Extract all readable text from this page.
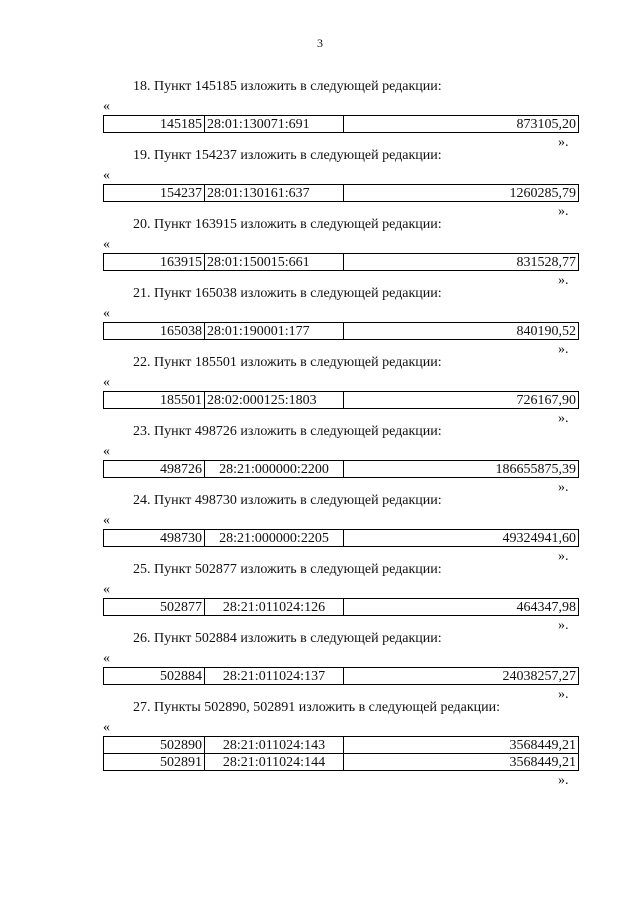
3
18. Пункт 145185 изложить в следующей редакции:
«
145185	28:01:130071:691	873105,20
».
19. Пункт 154237 изложить в следующей редакции:
«
154237	28:01:130161:637	1260285,79
».
20. Пункт 163915 изложить в следующей редакции:
«
163915	28:01:150015:661	831528,77
».
21. Пункт 165038 изложить в следующей редакции:
«
165038	28:01:190001:177	840190,52
».
22. Пункт 185501 изложить в следующей редакции:
«
185501	28:02:000125:1803	726167,90
».
23. Пункт 498726 изложить в следующей редакции:
«
498726	28:21:000000:2200	186655875,39
».
24. Пункт 498730 изложить в следующей редакции:
«
498730	28:21:000000:2205	49324941,60
».
25. Пункт 502877 изложить в следующей редакции:
«
502877	28:21:011024:126	464347,98
».
26. Пункт 502884 изложить в следующей редакции:
«
502884	28:21:011024:137	24038257,27
».
27. Пункты 502890, 502891 изложить в следующей редакции:
«
502890	28:21:011024:143	3568449,21
502891	28:21:011024:144	3568449,21
».
